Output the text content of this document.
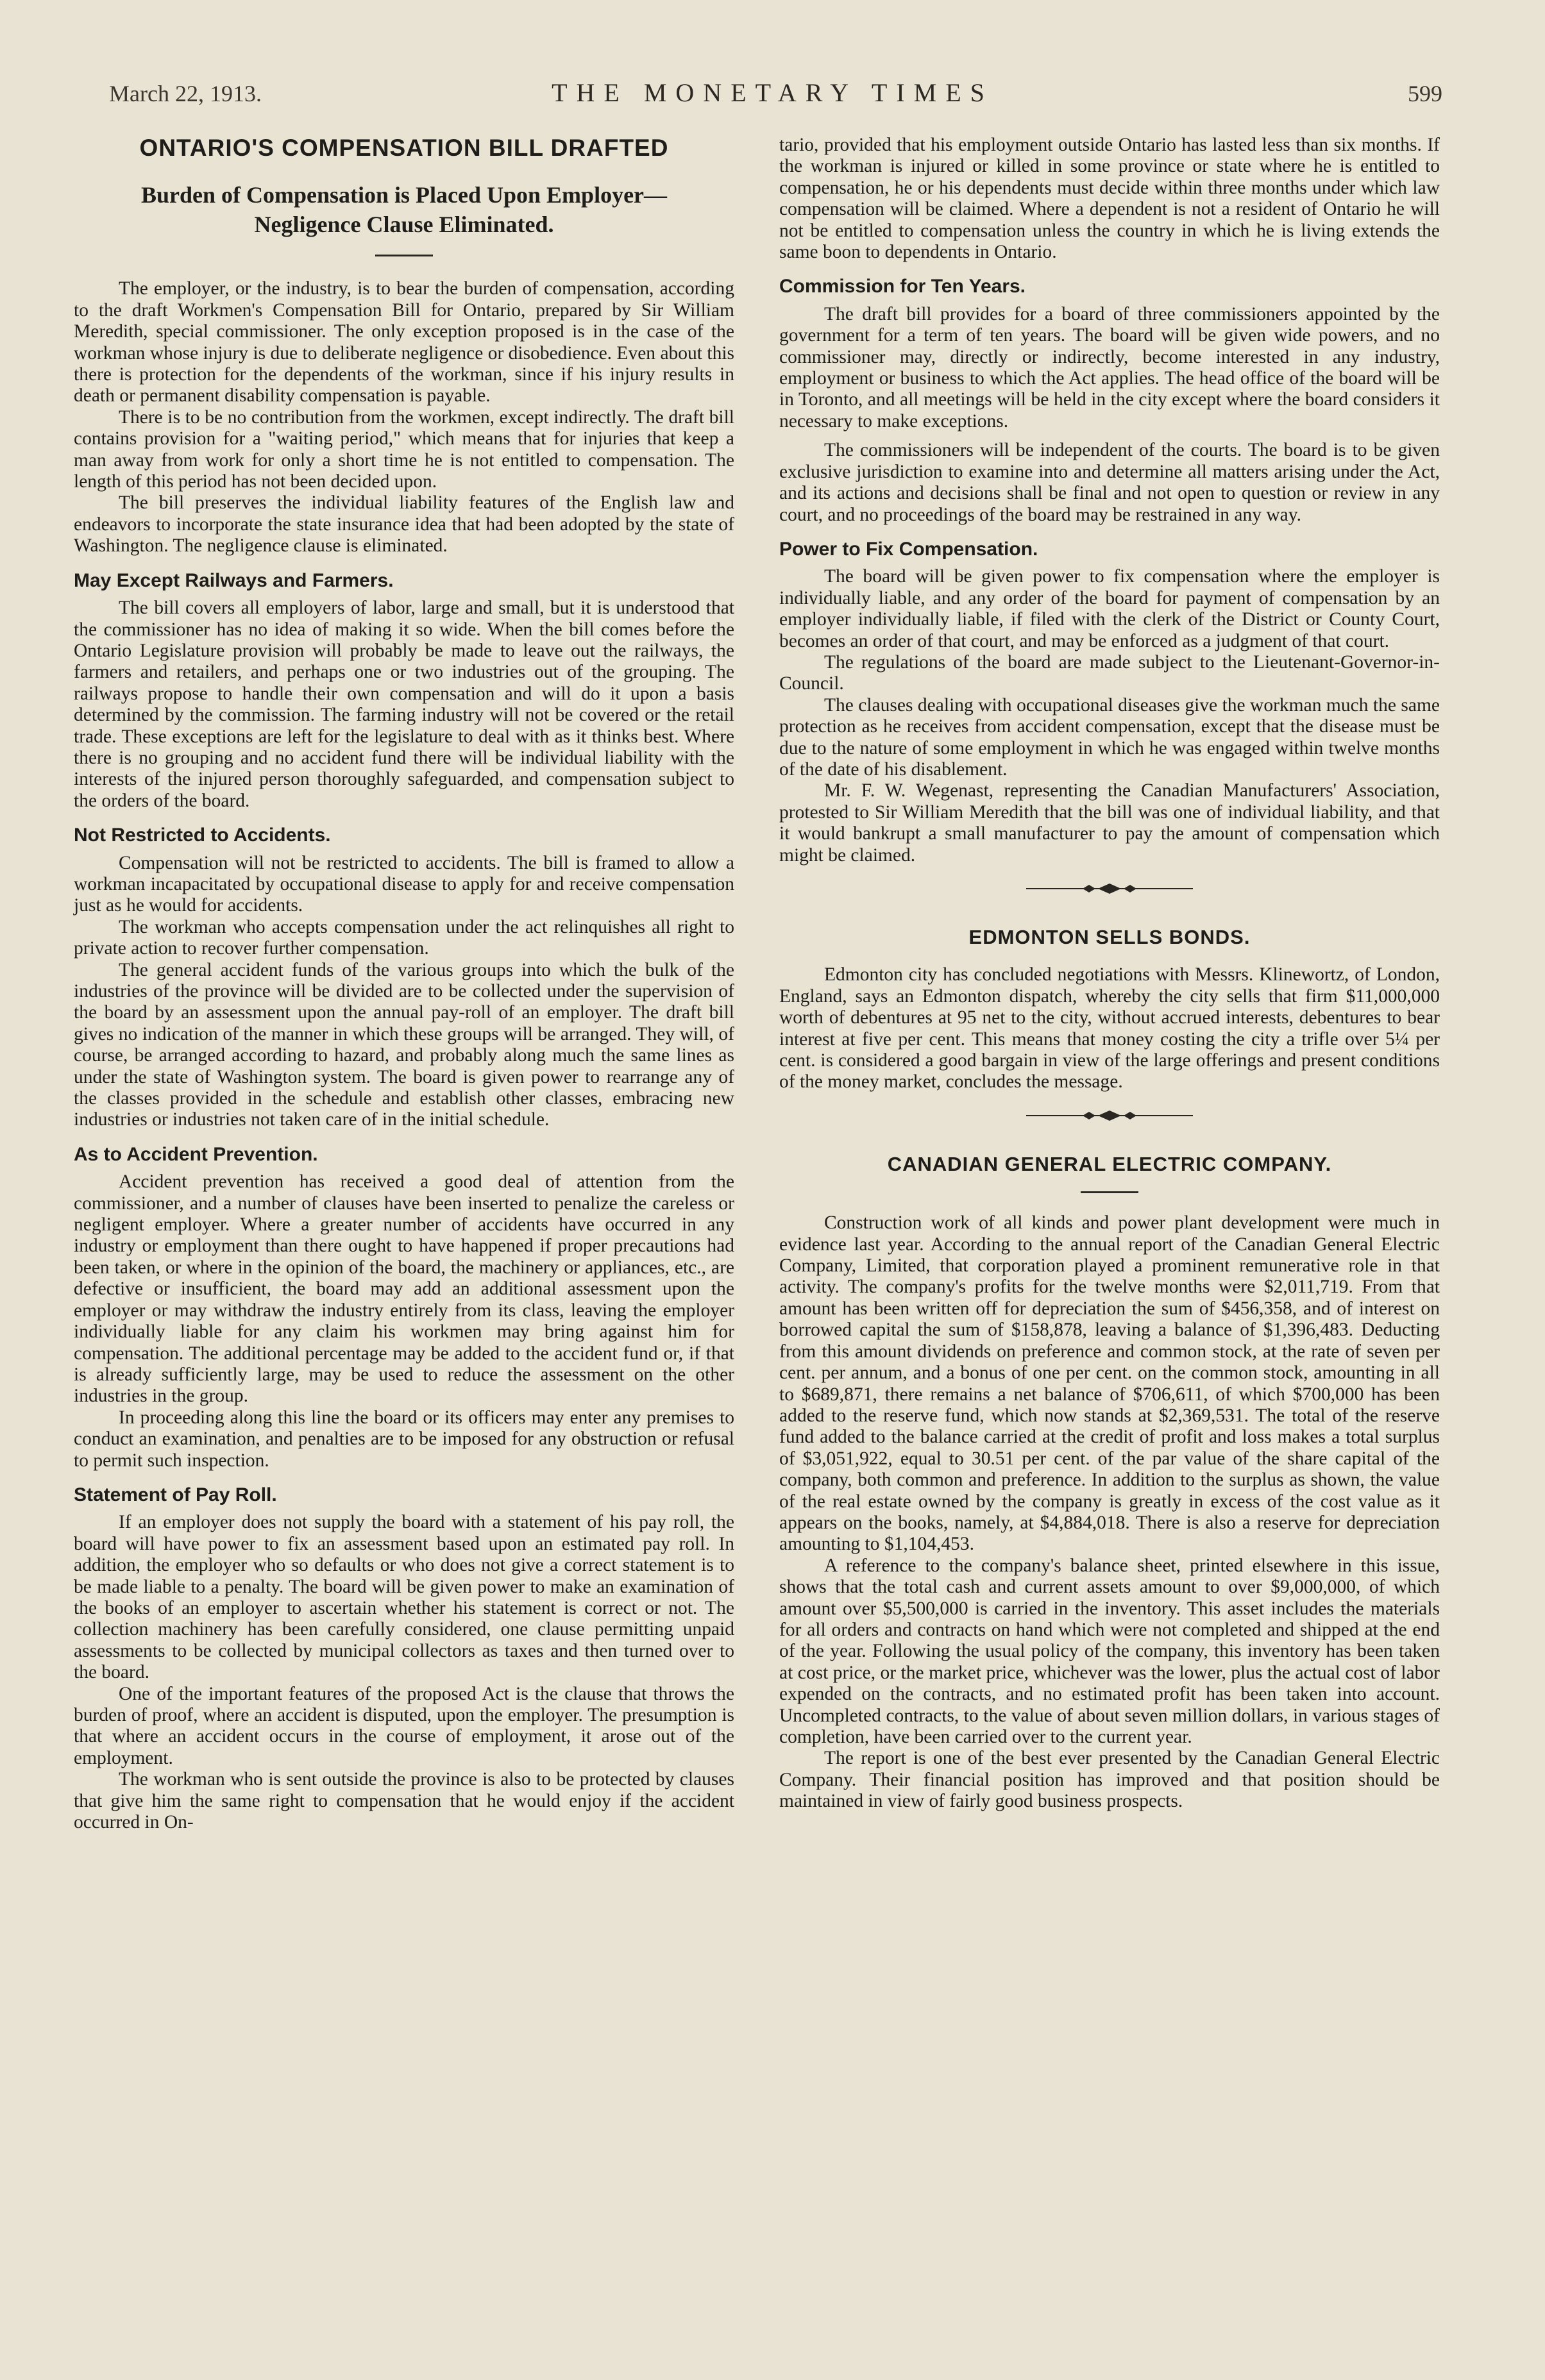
March 22, 1913.	THE MONETARY TIMES	599
ONTARIO'S COMPENSATION BILL DRAFTED
Burden of Compensation is Placed Upon Employer—
Negligence Clause Eliminated.

The employer, or the industry, is to bear the burden of compensation, according to the draft Workmen's Compensation Bill for Ontario, prepared by Sir William Meredith, special commissioner. The only exception proposed is in the case of the workman whose injury is due to deliberate negligence or disobedience. Even about this there is protection for the dependents of the workman, since if his injury results in death or permanent disability compensation is payable.

There is to be no contribution from the workmen, except indirectly. The draft bill contains provision for a "waiting period," which means that for injuries that keep a man away from work for only a short time he is not entitled to compensation. The length of this period has not been decided upon.

The bill preserves the individual liability features of the English law and endeavors to incorporate the state insurance idea that had been adopted by the state of Washington. The negligence clause is eliminated.

May Except Railways and Farmers.

The bill covers all employers of labor, large and small, but it is understood that the commissioner has no idea of making it so wide. When the bill comes before the Ontario Legislature provision will probably be made to leave out the railways, the farmers and retailers, and perhaps one or two industries out of the grouping. The railways propose to handle their own compensation and will do it upon a basis determined by the commission. The farming industry will not be covered or the retail trade. These exceptions are left for the legislature to deal with as it thinks best. Where there is no grouping and no accident fund there will be individual liability with the interests of the injured person thoroughly safeguarded, and compensation subject to the orders of the board.

Not Restricted to Accidents.

Compensation will not be restricted to accidents. The bill is framed to allow a workman incapacitated by occupational disease to apply for and receive compensation just as he would for accidents.

The workman who accepts compensation under the act relinquishes all right to private action to recover further compensation.

The general accident funds of the various groups into which the bulk of the industries of the province will be divided are to be collected under the supervision of the board by an assessment upon the annual pay-roll of an employer. The draft bill gives no indication of the manner in which these groups will be arranged. They will, of course, be arranged according to hazard, and probably along much the same lines as under the state of Washington system. The board is given power to rearrange any of the classes provided in the schedule and establish other classes, embracing new industries or industries not taken care of in the initial schedule.

As to Accident Prevention.

Accident prevention has received a good deal of attention from the commissioner, and a number of clauses have been inserted to penalize the careless or negligent employer. Where a greater number of accidents have occurred in any industry or employment than there ought to have happened if proper precautions had been taken, or where in the opinion of the board, the machinery or appliances, etc., are defective or insufficient, the board may add an additional assessment upon the employer or may withdraw the industry entirely from its class, leaving the employer individually liable for any claim his workmen may bring against him for compensation. The additional percentage may be added to the accident fund or, if that is already sufficiently large, may be used to reduce the assessment on the other industries in the group.

In proceeding along this line the board or its officers may enter any premises to conduct an examination, and penalties are to be imposed for any obstruction or refusal to permit such inspection.

Statement of Pay Roll.

If an employer does not supply the board with a statement of his pay roll, the board will have power to fix an assessment based upon an estimated pay roll. In addition, the employer who so defaults or who does not give a correct statement is to be made liable to a penalty. The board will be given power to make an examination of the books of an employer to ascertain whether his statement is correct or not. The collection machinery has been carefully considered, one clause permitting unpaid assessments to be collected by municipal collectors as taxes and then turned over to the board.

One of the important features of the proposed Act is the clause that throws the burden of proof, where an accident is disputed, upon the employer. The presumption is that where an accident occurs in the course of employment, it arose out of the employment.

The workman who is sent outside the province is also to be protected by clauses that give him the same right to compensation that he would enjoy if the accident occurred in On-

tario, provided that his employment outside Ontario has lasted less than six months. If the workman is injured or killed in some province or state where he is entitled to compensation, he or his dependents must decide within three months under which law compensation will be claimed. Where a dependent is not a resident of Ontario he will not be entitled to compensation unless the country in which he is living extends the same boon to dependents in Ontario.

Commission for Ten Years.

The draft bill provides for a board of three commissioners appointed by the government for a term of ten years. The board will be given wide powers, and no commissioner may, directly or indirectly, become interested in any industry, employment or business to which the Act applies. The head office of the board will be in Toronto, and all meetings will be held in the city except where the board considers it necessary to make exceptions.

The commissioners will be independent of the courts. The board is to be given exclusive jurisdiction to examine into and determine all matters arising under the Act, and its actions and decisions shall be final and not open to question or review in any court, and no proceedings of the board may be restrained in any way.

Power to Fix Compensation.

The board will be given power to fix compensation where the employer is individually liable, and any order of the board for payment of compensation by an employer individually liable, if filed with the clerk of the District or County Court, becomes an order of that court, and may be enforced as a judgment of that court.

The regulations of the board are made subject to the Lieutenant-Governor-in-Council.

The clauses dealing with occupational diseases give the workman much the same protection as he receives from accident compensation, except that the disease must be due to the nature of some employment in which he was engaged within twelve months of the date of his disablement.

Mr. F. W. Wegenast, representing the Canadian Manufacturers' Association, protested to Sir William Meredith that the bill was one of individual liability, and that it would bankrupt a small manufacturer to pay the amount of compensation which might be claimed.

EDMONTON SELLS BONDS.

Edmonton city has concluded negotiations with Messrs. Klinewortz, of London, England, says an Edmonton dispatch, whereby the city sells that firm $11,000,000 worth of debentures at 95 net to the city, without accrued interests, debentures to bear interest at five per cent. This means that money costing the city a trifle over 5¼ per cent. is considered a good bargain in view of the large offerings and present conditions of the money market, concludes the message.

CANADIAN GENERAL ELECTRIC COMPANY.

Construction work of all kinds and power plant development were much in evidence last year. According to the annual report of the Canadian General Electric Company, Limited, that corporation played a prominent remunerative role in that activity. The company's profits for the twelve months were $2,011,719. From that amount has been written off for depreciation the sum of $456,358, and of interest on borrowed capital the sum of $158,878, leaving a balance of $1,396,483. Deducting from this amount dividends on preference and common stock, at the rate of seven per cent. per annum, and a bonus of one per cent. on the common stock, amounting in all to $689,871, there remains a net balance of $706,611, of which $700,000 has been added to the reserve fund, which now stands at $2,369,531. The total of the reserve fund added to the balance carried at the credit of profit and loss makes a total surplus of $3,051,922, equal to 30.51 per cent. of the par value of the share capital of the company, both common and preference. In addition to the surplus as shown, the value of the real estate owned by the company is greatly in excess of the cost value as it appears on the books, namely, at $4,884,018. There is also a reserve for depreciation amounting to $1,104,453.

A reference to the company's balance sheet, printed elsewhere in this issue, shows that the total cash and current assets amount to over $9,000,000, of which amount over $5,500,000 is carried in the inventory. This asset includes the materials for all orders and contracts on hand which were not completed and shipped at the end of the year. Following the usual policy of the company, this inventory has been taken at cost price, or the market price, whichever was the lower, plus the actual cost of labor expended on the contracts, and no estimated profit has been taken into account. Uncompleted contracts, to the value of about seven million dollars, in various stages of completion, have been carried over to the current year.

The report is one of the best ever presented by the Canadian General Electric Company. Their financial position has improved and that position should be maintained in view of fairly good business prospects.
